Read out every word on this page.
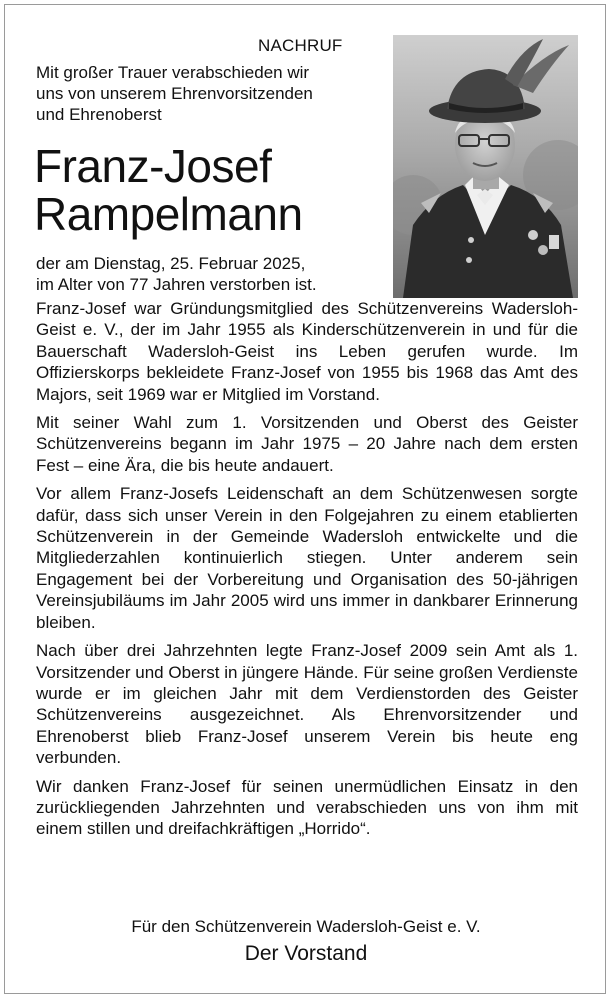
NACHRUF
Mit großer Trauer verabschieden wir
uns von unserem Ehrenvorsitzenden
und Ehrenoberst
Franz-Josef
Rampelmann
der am Dienstag, 25. Februar 2025,
im Alter von 77 Jahren verstorben ist.

Franz-Josef war Gründungsmitglied des Schützenvereins Wadersloh-Geist e. V., der im Jahr 1955 als Kinderschützenverein in und für die Bauerschaft Wadersloh-Geist ins Leben gerufen wurde. Im Offizierskorps bekleidete Franz-Josef von 1955 bis 1968 das Amt des Majors, seit 1969 war er Mitglied im Vorstand.

Mit seiner Wahl zum 1. Vorsitzenden und Oberst des Geister Schützenvereins begann im Jahr 1975 – 20 Jahre nach dem ersten Fest – eine Ära, die bis heute andauert.

Vor allem Franz-Josefs Leidenschaft an dem Schützenwesen sorgte dafür, dass sich unser Verein in den Folgejahren zu einem etablierten Schützenverein in der Gemeinde Wadersloh entwickelte und die Mitgliederzahlen kontinuierlich stiegen. Unter anderem sein Engagement bei der Vorbereitung und Organisation des 50-jährigen Vereinsjubiläums im Jahr 2005 wird uns immer in dankbarer Erinnerung bleiben.

Nach über drei Jahrzehnten legte Franz-Josef 2009 sein Amt als 1. Vorsitzender und Oberst in jüngere Hände. Für seine großen Verdienste wurde er im gleichen Jahr mit dem Verdienstorden des Geister Schützenvereins ausgezeichnet. Als Ehrenvorsitzender und Ehrenoberst blieb Franz-Josef unserem Verein bis heute eng verbunden.

Wir danken Franz-Josef für seinen unermüdlichen Einsatz in den zurückliegenden Jahrzehnten und verabschieden uns von ihm mit einem stillen und dreifachkräftigen „Horrido“.

Für den Schützenverein Wadersloh-Geist e. V.
Der Vorstand
